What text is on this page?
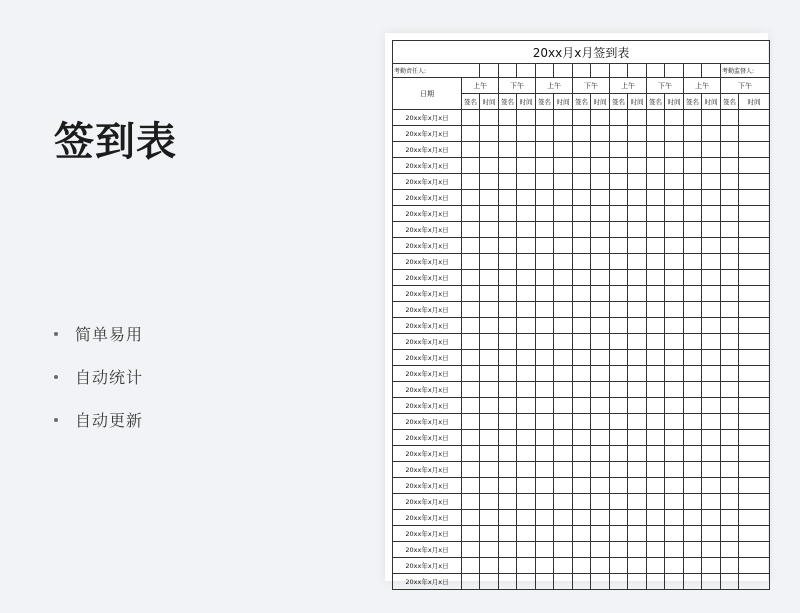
签到表
简单易用
自动统计
自动更新
20xx月x月签到表																
考勤责任人:															考勤监督人:	
日期	上午		下午		上午		下午		上午		下午		上午		下午	
	签名	时间	签名	时间	签名	时间	签名	时间	签名	时间	签名	时间	签名	时间	签名	时间
20xx年x月x日																
20xx年x月x日																
20xx年x月x日																
20xx年x月x日																
20xx年x月x日																
20xx年x月x日																
20xx年x月x日																
20xx年x月x日																
20xx年x月x日																
20xx年x月x日																
20xx年x月x日																
20xx年x月x日																
20xx年x月x日																
20xx年x月x日																
20xx年x月x日																
20xx年x月x日																
20xx年x月x日																
20xx年x月x日																
20xx年x月x日																
20xx年x月x日																
20xx年x月x日																
20xx年x月x日																
20xx年x月x日																
20xx年x月x日																
20xx年x月x日																
20xx年x月x日																
20xx年x月x日																
20xx年x月x日																
20xx年x月x日																
20xx年x月x日																
